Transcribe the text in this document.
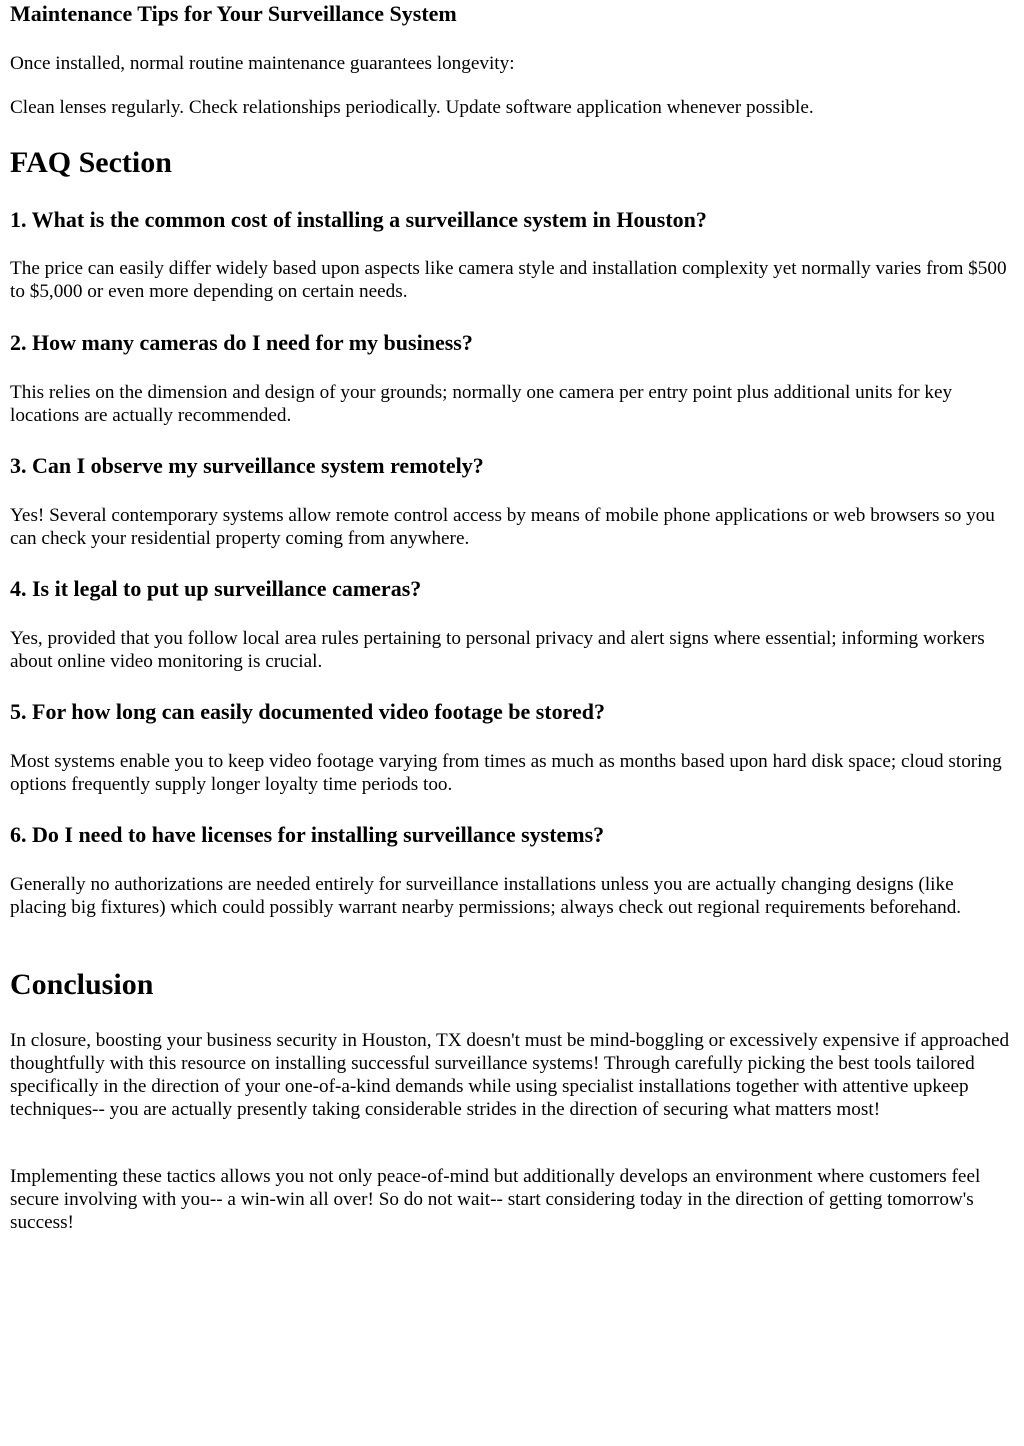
Maintenance Tips for Your Surveillance System

Once installed, normal routine maintenance guarantees longevity:

Clean lenses regularly. Check relationships periodically. Update software application whenever possible.

FAQ Section
1. What is the common cost of installing a surveillance system in Houston?

The price can easily differ widely based upon aspects like camera style and installation complexity yet normally varies from $500 to $5,000 or even more depending on certain needs.

2. How many cameras do I need for my business?

This relies on the dimension and design of your grounds; normally one camera per entry point plus additional units for key locations are actually recommended.

3. Can I observe my surveillance system remotely?

Yes! Several contemporary systems allow remote control access by means of mobile phone applications or web browsers so you can check your residential property coming from anywhere.

4. Is it legal to put up surveillance cameras?

Yes, provided that you follow local area rules pertaining to personal privacy and alert signs where essential; informing workers about online video monitoring is crucial.

5. For how long can easily documented video footage be stored?

Most systems enable you to keep video footage varying from times as much as months based upon hard disk space; cloud storing options frequently supply longer loyalty time periods too.

6. Do I need to have licenses for installing surveillance systems?

Generally no authorizations are needed entirely for surveillance installations unless you are actually changing designs (like placing big fixtures) which could possibly warrant nearby permissions; always check out regional requirements beforehand.

Conclusion

In closure, boosting your business security in Houston, TX doesn't must be mind-boggling or excessively expensive if approached thoughtfully with this resource on installing successful surveillance systems! Through carefully picking the best tools tailored specifically in the direction of your one-of-a-kind demands while using specialist installations together with attentive upkeep techniques-- you are actually presently taking considerable strides in the direction of securing what matters most!

Implementing these tactics allows you not only peace-of-mind but additionally develops an environment where customers feel secure involving with you-- a win-win all over! So do not wait-- start considering today in the direction of getting tomorrow's success!
